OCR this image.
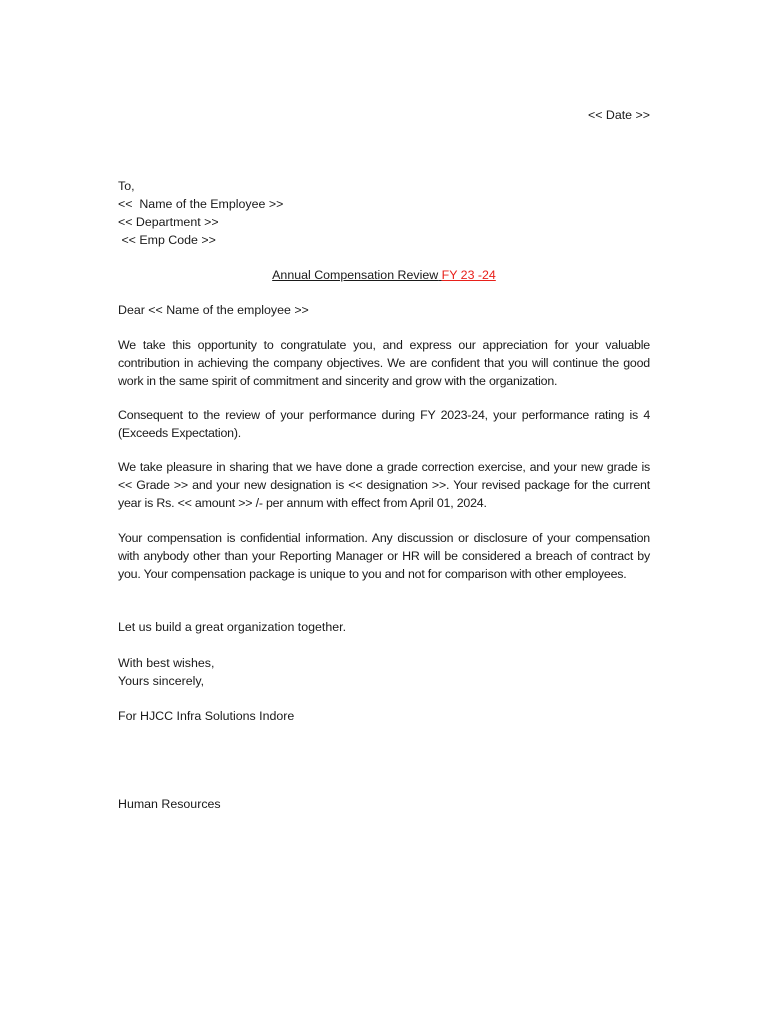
<< Date >>

To,

<<  Name of the Employee >>

<< Department >>

<< Emp Code >>

Annual Compensation Review FY 23 -24

Dear << Name of the employee >>

We take this opportunity to congratulate you, and express our appreciation for your valuable contribution in achieving the company objectives. We are confident that you will continue the good work in the same spirit of commitment and sincerity and grow with the organization.

Consequent to the review of your performance during FY 2023-24, your performance rating is 4 (Exceeds Expectation).

We take pleasure in sharing that we have done a grade correction exercise, and your new grade is << Grade >> and your new designation is << designation >>. Your revised package for the current year is Rs. << amount >> /- per annum with effect from April 01, 2024.

Your compensation is confidential information. Any discussion or disclosure of your compensation with anybody other than your Reporting Manager or HR will be considered a breach of contract by you. Your compensation package is unique to you and not for comparison with other employees.

Let us build a great organization together.

With best wishes,

Yours sincerely,

For HJCC Infra Solutions Indore

Human Resources
